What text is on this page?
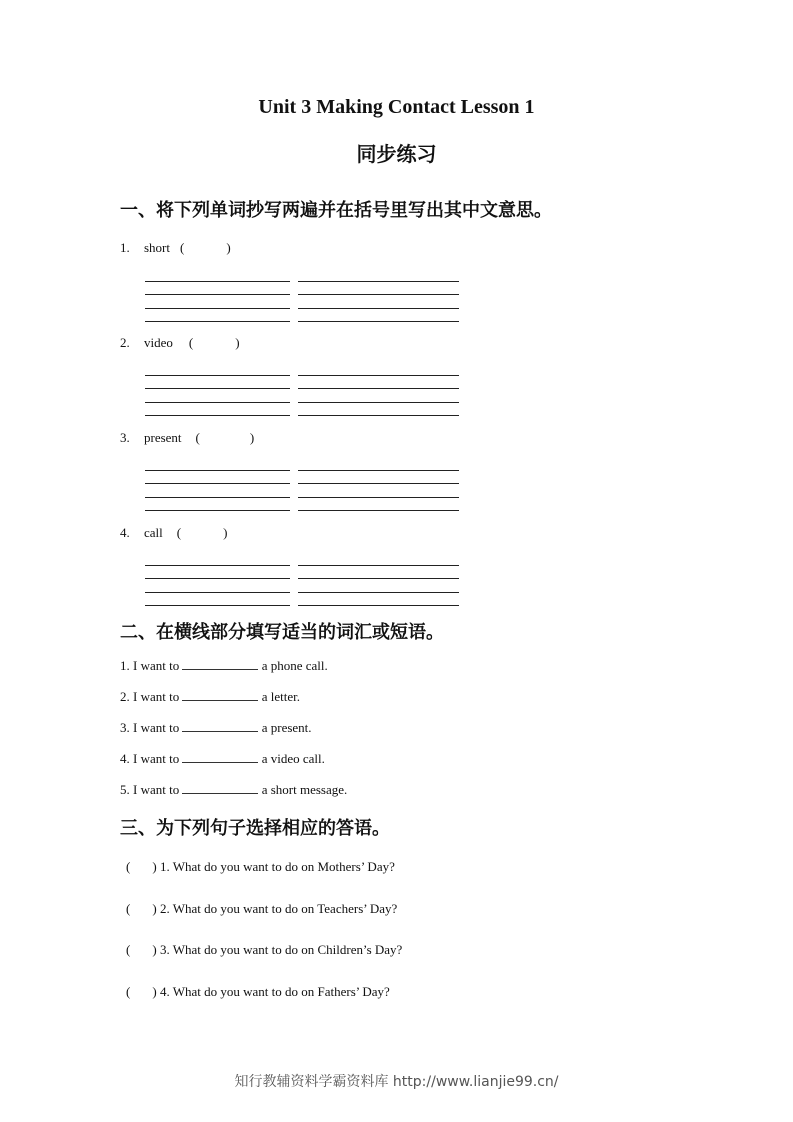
Unit 3 Making Contact Lesson 1
同步练习
一、将下列单词抄写两遍并在括号里写出其中文意思。
1. short (	)
2. video (	)
3. present (	)
4. call (	)
二、在横线部分填写适当的词汇或短语。
1. I want to	a phone call.
2. I want to	a letter.
3. I want to	a present.
4. I want to	a video call.
5. I want to	a short message.
三、为下列句子选择相应的答语。
( ) 1. What do you want to do on Mothers’ Day?
( ) 2. What do you want to do on Teachers’ Day?
( ) 3. What do you want to do on Children’s Day?
( ) 4. What do you want to do on Fathers’ Day?
知行教辅资料学霸资料库 http://www.lianjie99.cn/
